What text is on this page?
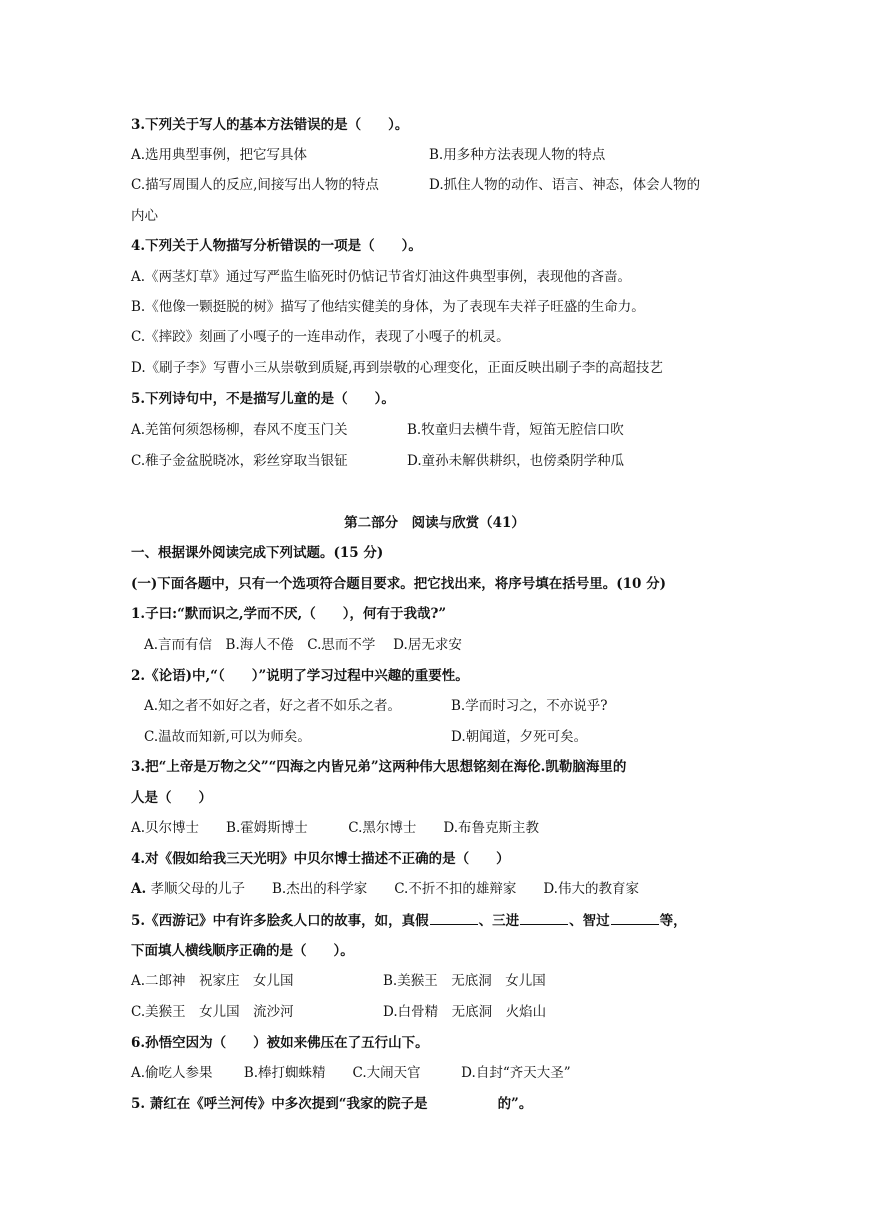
3.下列关于写人的基本方法错误的是（　　）。
A.选用典型事例，把它写具体	B.用多种方法表现人物的特点
C.描写周围人的反应,间接写出人物的特点	D.抓住人物的动作、语言、神态，体会人物的
内心
4.下列关于人物描写分析错误的一项是（　　）。
A.《两茎灯草》通过写严监生临死时仍惦记节省灯油这件典型事例，表现他的吝啬。
B.《他像一颗挺脱的树》描写了他结实健美的身体，为了表现车夫祥子旺盛的生命力。
C.《摔跤》刻画了小嘎子的一连串动作，表现了小嘎子的机灵。
D.《刷子李》写曹小三从崇敬到质疑,再到崇敬的心理变化，正面反映出刷子李的高超技艺
5.下列诗句中，不是描写儿童的是（　　）。
A.羌笛何须怨杨柳，春风不度玉门关	B.牧童归去横牛背，短笛无腔信口吹
C.稚子金盆脱晓冰，彩丝穿取当银钲	D.童孙未解供耕织，也傍桑阴学种瓜
第二部分　阅读与欣赏（41）
一、根据课外阅读完成下列试题。(15 分)
(一)下面各题中，只有一个选项符合题目要求。把它找出来，将序号填在括号里。(10 分)
1.子曰:“默而识之,学而不厌,（　　），何有于我哉?”
A.言而有信　B.海人不倦　C.思而不学　 D.居无求安
2.《论语)中,“（　　）”说明了学习过程中兴趣的重要性。
A.知之者不如好之者，好之者不如乐之者。	B.学而时习之，不亦说乎?
C.温故而知新,可以为师矣。	D.朝闻道，夕死可矣。
3.把“上帝是万物之父”“四海之内皆兄弟”这两种伟大思想铭刻在海伦.凯勒脑海里的
人是（　　）
A.贝尔博士　　B.霍姆斯博士　　　C.黑尔博士　　D.布鲁克斯主教
4.对《假如给我三天光明》中贝尔博士描述不正确的是（　　）
A. 孝顺父母的儿子　　B.杰出的科学家　　C.不折不扣的雄辩家　　D.伟大的教育家
5.《西游记》中有许多脍炙人口的故事，如，真假	、三进	、智过	等，
下面填人横线顺序正确的是（　　）。
A.二郎神　祝家庄　女儿国	B.美猴王　无底洞　女儿国
C.美猴王　女儿国　流沙河	D.白骨精　无底洞　火焰山
6.孙悟空因为（　　）被如来佛压在了五行山下。
A.偷吃人参果　　 B.棒打蜘蛛精　　C.大闹天官　　　D.自封“齐天大圣”
5. 萧红在《呼兰河传》中多次提到“我家的院子是	的”。
